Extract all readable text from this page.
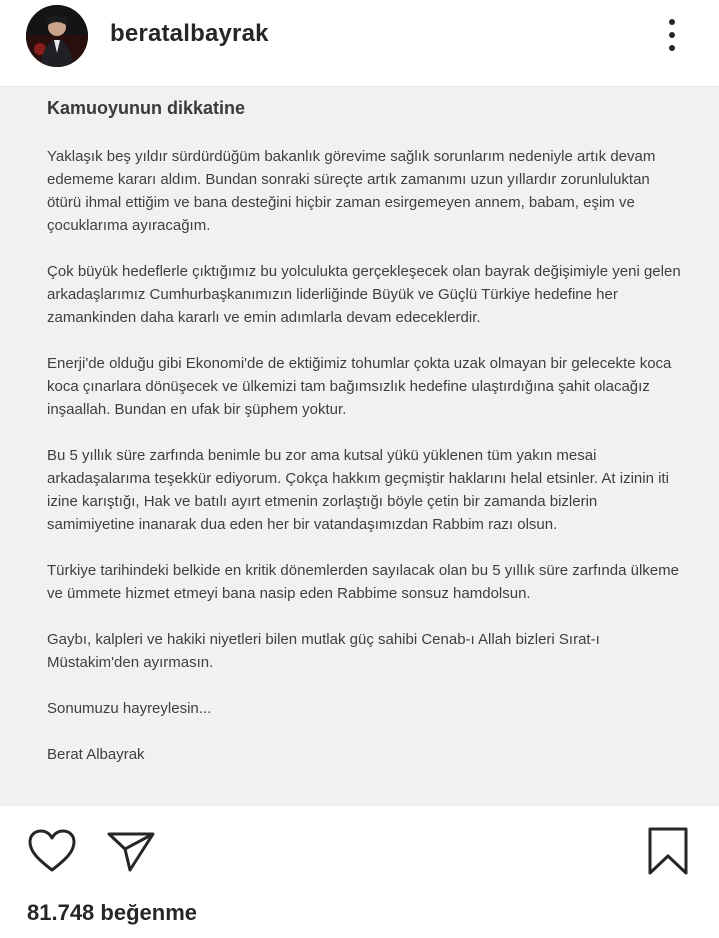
beratalbayrak
Kamuoyunun dikkatine

Yaklaşık beş yıldır sürdürdüğüm bakanlık görevime sağlık sorunlarım nedeniyle artık devam edememe kararı aldım. Bundan sonraki süreçte artık zamanımı uzun yıllardır zorunluluktan ötürü ihmal ettiğim ve bana desteğini hiçbir zaman esirgemeyen annem, babam, eşim ve çocuklarıma ayıracağım.

Çok büyük hedeflerle çıktığımız bu yolculukta gerçekleşecek olan bayrak değişimiyle yeni gelen arkadaşlarımız Cumhurbaşkanımızın liderliğinde Büyük ve Güçlü Türkiye hedefine her zamankinden daha kararlı ve emin adımlarla devam edeceklerdir.

Enerji'de olduğu gibi Ekonomi'de de ektiğimiz tohumlar çokta uzak olmayan bir gelecekte koca koca çınarlara dönüşecek ve ülkemizi tam bağımsızlık hedefine ulaştırdığına şahit olacağız inşaallah. Bundan en ufak bir şüphem yoktur.

Bu 5 yıllık süre zarfında benimle bu zor ama kutsal yükü yüklenen tüm yakın mesai arkadaşalarıma teşekkür ediyorum. Çokça hakkım geçmiştir haklarını helal etsinler. At izinin iti izine karıştığı, Hak ve batılı ayırt etmenin zorlaştığı böyle çetin bir zamanda bizlerin samimiyetine inanarak dua eden her bir vatandaşımızdan Rabbim razı olsun.

Türkiye tarihindeki belkide en kritik dönemlerden sayılacak olan bu 5 yıllık süre zarfında ülkeme ve ümmete hizmet etmeyi bana nasip eden Rabbime sonsuz hamdolsun.

Gaybı, kalpleri ve hakiki niyetleri bilen mutlak güç sahibi Cenab-ı Allah bizleri Sırat-ı Müstakim'den ayırmasın.

Sonumuzu hayreylesin...

Berat Albayrak

81.748 beğenme
